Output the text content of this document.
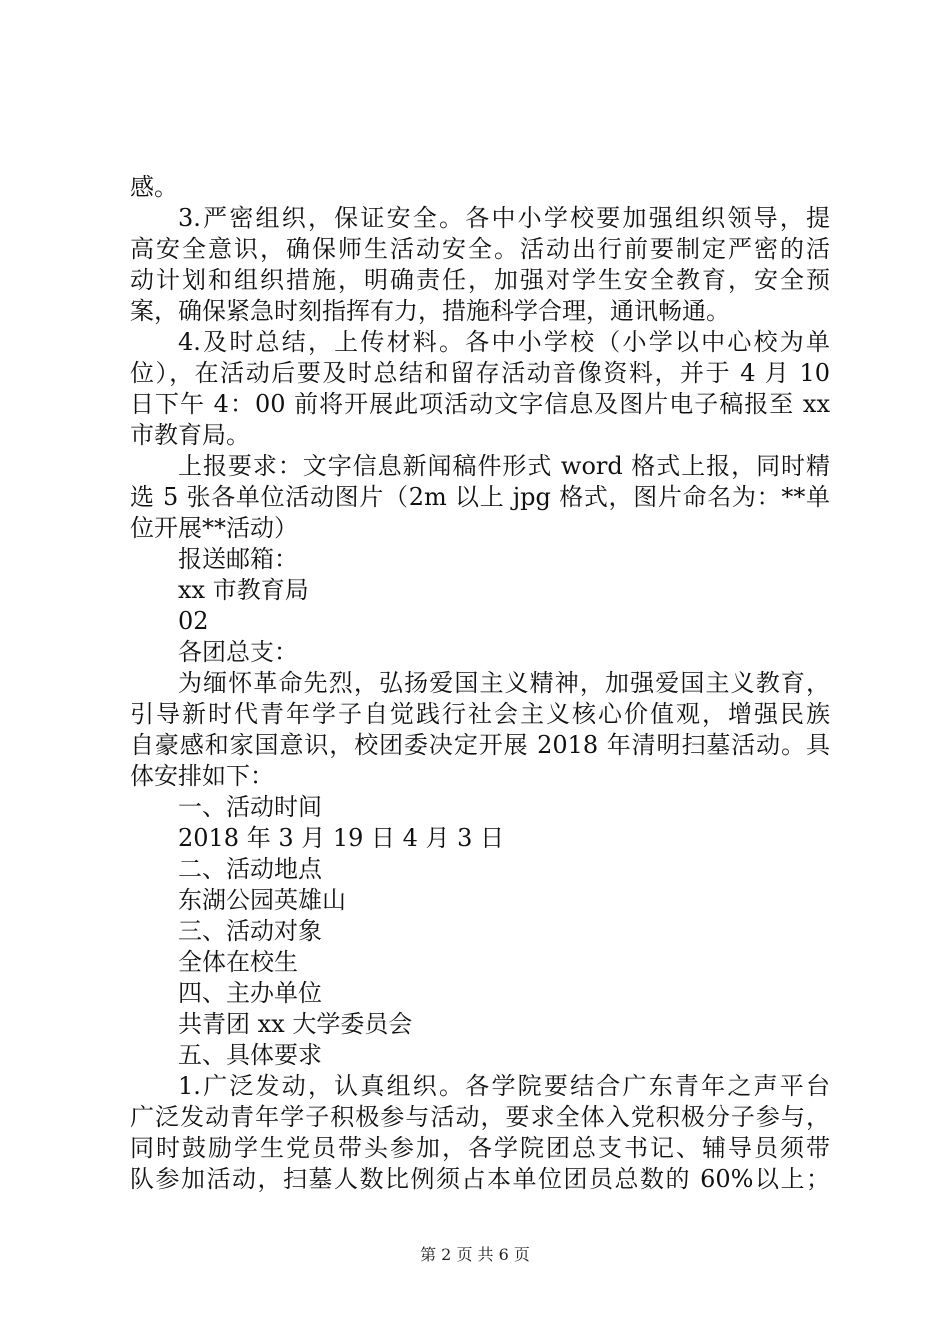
感。
3.严密组织，保证安全。各中小学校要加强组织领导，提
高安全意识，确保师生活动安全。活动出行前要制定严密的活
动计划和组织措施，明确责任，加强对学生安全教育，安全预
案，确保紧急时刻指挥有力，措施科学合理，通讯畅通。
4.及时总结，上传材料。各中小学校（小学以中心校为单
位），在活动后要及时总结和留存活动音像资料，并于 4 月 10
日下午 4：00 前将开展此项活动文字信息及图片电子稿报至 xx
市教育局。
上报要求：文字信息新闻稿件形式 word 格式上报，同时精
选 5 张各单位活动图片（2m 以上 jpg 格式，图片命名为：**单
位开展**活动）
报送邮箱：
xx 市教育局
02
各团总支：
为缅怀革命先烈，弘扬爱国主义精神，加强爱国主义教育，
引导新时代青年学子自觉践行社会主义核心价值观，增强民族
自豪感和家国意识，校团委决定开展 2018 年清明扫墓活动。具
体安排如下：
一、活动时间
2018 年 3 月 19 日 4 月 3 日
二、活动地点
东湖公园英雄山
三、活动对象
全体在校生
四、主办单位
共青团 xx 大学委员会
五、具体要求
1.广泛发动，认真组织。各学院要结合广东青年之声平台
广泛发动青年学子积极参与活动，要求全体入党积极分子参与，
同时鼓励学生党员带头参加，各学院团总支书记、辅导员须带
队参加活动，扫墓人数比例须占本单位团员总数的 60%以上；
第 2 页 共 6 页
